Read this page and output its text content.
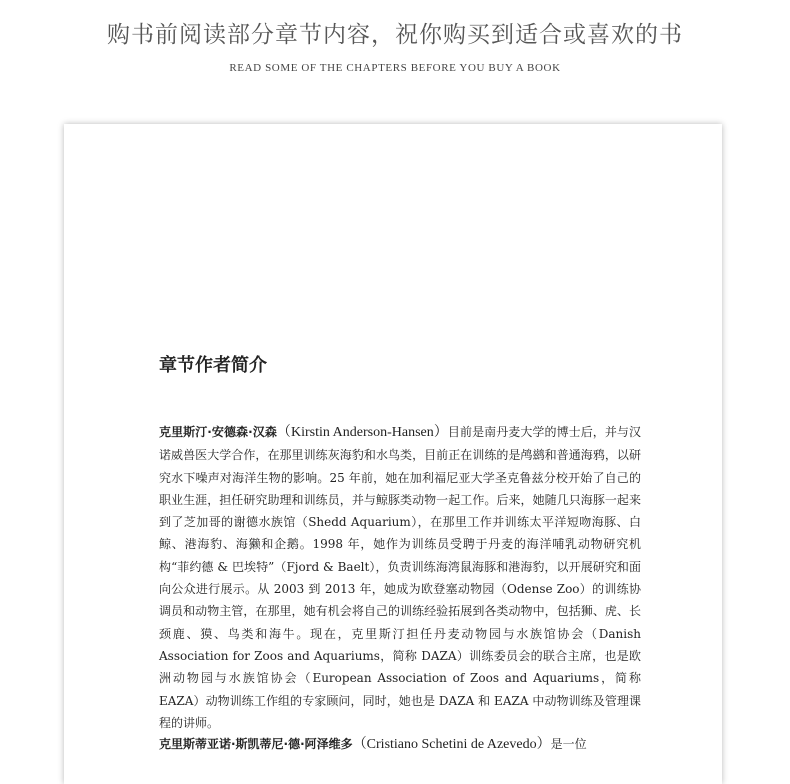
购书前阅读部分章节内容，祝你购买到适合或喜欢的书
READ SOME OF THE CHAPTERS BEFORE YOU BUY A BOOK
章节作者简介

克里斯汀·安德森·汉森（Kirstin Anderson-Hansen）目前是南丹麦大学的博士后，并与汉诺威兽医大学合作，在那里训练灰海豹和水鸟类，目前正在训练的是鸬鹚和普通海鸦，以研究水下噪声对海洋生物的影响。25 年前，她在加利福尼亚大学圣克鲁兹分校开始了自己的职业生涯，担任研究助理和训练员，并与鲸豚类动物一起工作。后来，她随几只海豚一起来到了芝加哥的谢德水族馆（Shedd Aquarium），在那里工作并训练太平洋短吻海豚、白鲸、港海豹、海獭和企鹅。1998 年，她作为训练员受聘于丹麦的海洋哺乳动物研究机构“菲约德 & 巴埃特”（Fjord & Baelt），负责训练海湾鼠海豚和港海豹，以开展研究和面向公众进行展示。从 2003 到 2013 年，她成为欧登塞动物园（Odense Zoo）的训练协调员和动物主管，在那里，她有机会将自己的训练经验拓展到各类动物中，包括狮、虎、长颈鹿、獏、鸟类和海牛。现在，克里斯汀担任丹麦动物园与水族馆协会（Danish Association for Zoos and Aquariums，简称 DAZA）训练委员会的联合主席，也是欧洲动物园与水族馆协会（European Association of Zoos and Aquariums，简称 EAZA）动物训练工作组的专家顾问，同时，她也是 DAZA 和 EAZA 中动物训练及管理课程的讲师。

克里斯蒂亚诺·斯凯蒂尼·德·阿泽维多（Cristiano Schetini de Azevedo）是一位
